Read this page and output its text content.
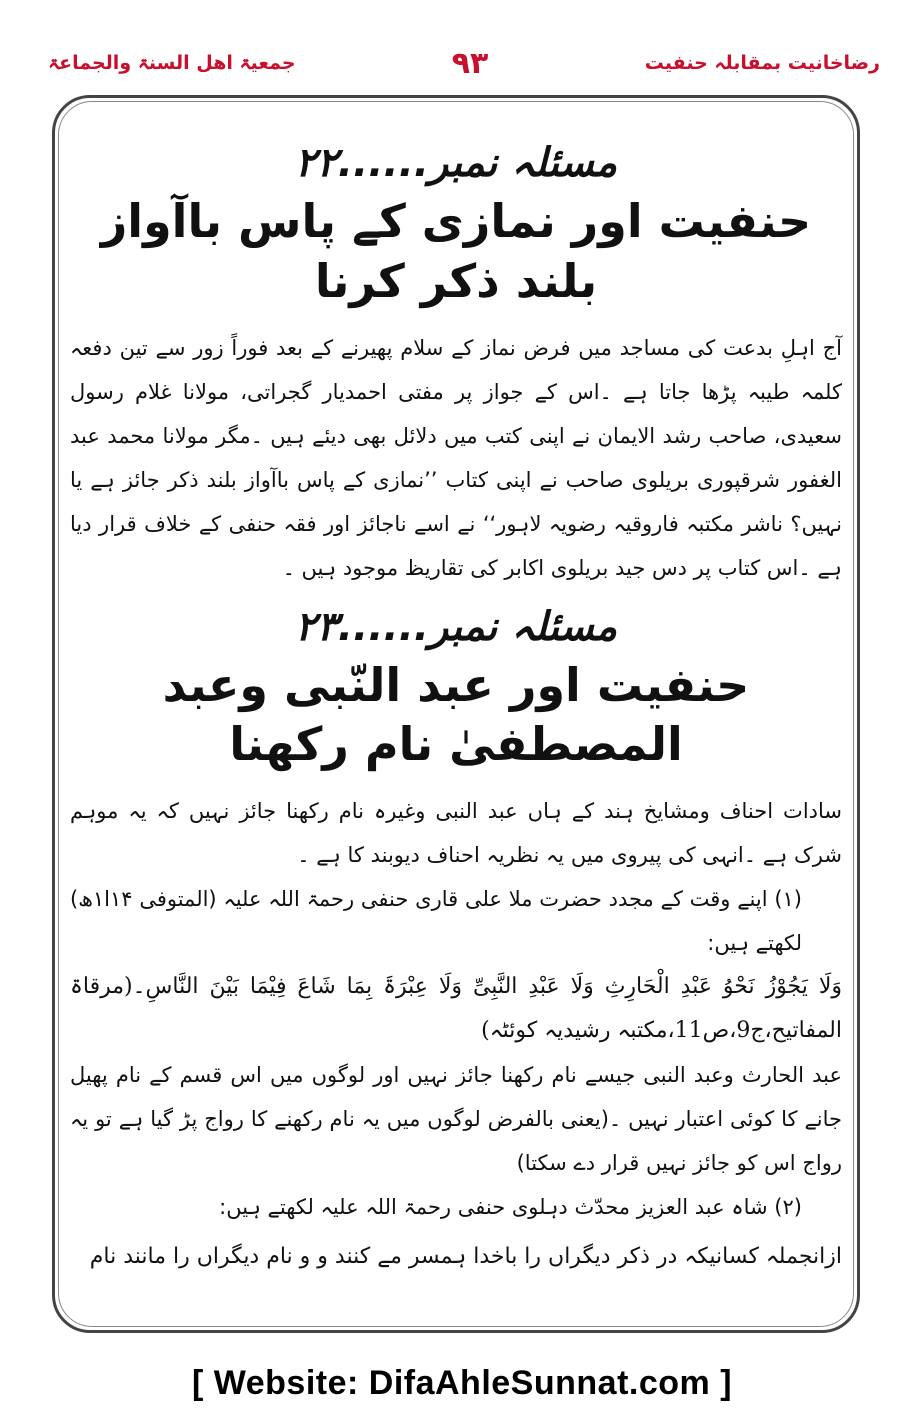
رضاخانیت بمقابلہ حنفیت
۹۳
جمعیۃ اھل السنۃ والجماعۃ
مسئلہ نمبر......۲۲
حنفیت اور نمازی کے پاس باآواز بلند ذکر کرنا

آج اہلِ بدعت کی مساجد میں فرض نماز کے سلام پھیرنے کے بعد فوراً زور سے تین دفعہ کلمہ طیبہ پڑھا جاتا ہے ۔اس کے جواز پر مفتی احمدیار گجراتی، مولانا غلام رسول سعیدی، صاحب رشد الایمان نے اپنی کتب میں دلائل بھی دیئے ہیں ۔مگر مولانا محمد عبد الغفور شرقپوری بریلوی صاحب نے اپنی کتاب ’’نمازی کے پاس باآواز بلند ذکر جائز ہے یا نہیں؟ ناشر مکتبہ فاروقیہ رضویہ لاہور‘‘ نے اسے ناجائز اور فقہ حنفی کے خلاف قرار دیا ہے ۔اس کتاب پر دس جید بریلوی اکابر کی تقاریظ موجود ہیں ۔

مسئلہ نمبر......۲۳
حنفیت اور عبد النّبی وعبد المصطفیٰ نام رکھنا

سادات احناف ومشایخ ہند کے ہاں عبد النبی وغیرہ نام رکھنا جائز نہیں کہ یہ موہم شرک ہے ۔انہی کی پیروی میں یہ نظریہ احناف دیوبند کا ہے ۔

(۱) اپنے وقت کے مجدد حضرت ملا علی قاری حنفی رحمۃ اللہ علیہ (المتوفی ۱۴ا۱ھ) لکھتے ہیں:

وَلَا یَجُوْزُ نَحْوُ عَبْدِ الْحَارِثِ وَلَا عَبْدِ النَّبِیِّ وَلَا عِبْرَۃَ بِمَا شَاعَ فِیْمَا بَیْنَ النَّاسِ۔(مرقاۃ المفاتیح،ج9،ص11،مکتبہ رشیدیہ کوئٹہ)

عبد الحارث وعبد النبی جیسے نام رکھنا جائز نہیں اور لوگوں میں اس قسم کے نام پھیل جانے کا کوئی اعتبار نہیں ۔(یعنی بالفرض لوگوں میں یہ نام رکھنے کا رواج پڑ گیا ہے تو یہ رواج اس کو جائز نہیں قرار دے سکتا)

(۲) شاہ عبد العزیز محدّث دہلوی حنفی رحمۃ اللہ علیہ لکھتے ہیں:

ازانجملہ کسانیکہ در ذکر دیگراں را باخدا ہمسر مے کنند و و نام دیگراں را مانند نام

[ Website: DifaAhleSunnat.com ]
